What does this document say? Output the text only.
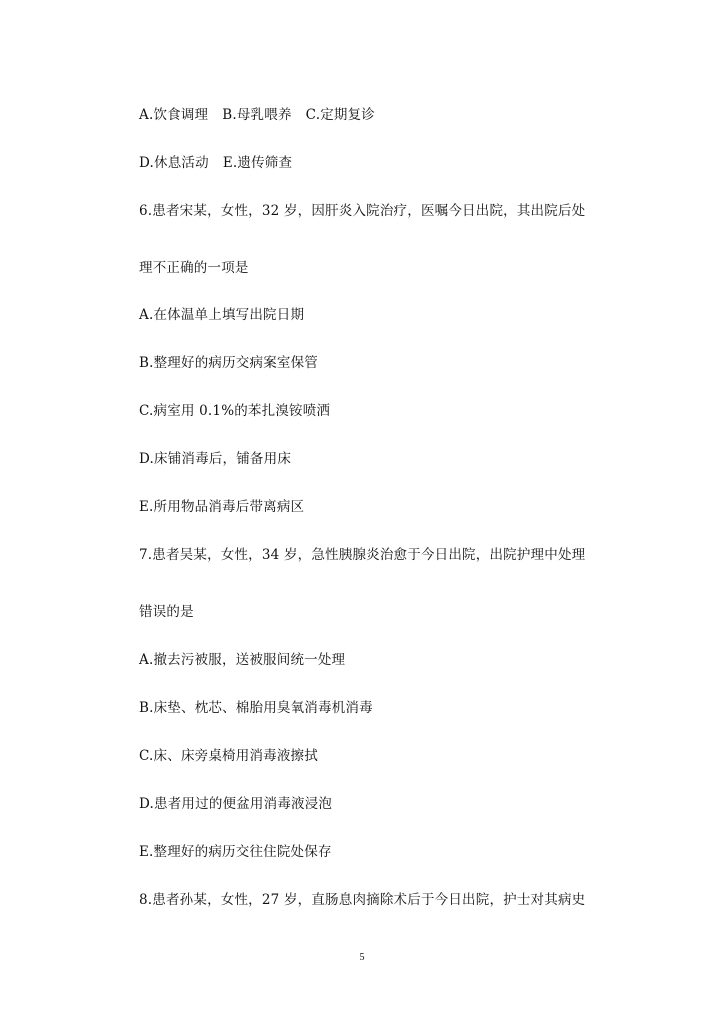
A.饮食调理 B.母乳喂养 C.定期复诊
D.休息活动 E.遗传筛查
6.患者宋某，女性，32 岁，因肝炎入院治疗，医嘱今日出院，其出院后处
理不正确的一项是
A.在体温单上填写出院日期
B.整理好的病历交病案室保管
C.病室用 0.1%的苯扎溴铵喷洒
D.床铺消毒后，铺备用床
E.所用物品消毒后带离病区
7.患者吴某，女性，34 岁，急性胰腺炎治愈于今日出院，出院护理中处理
错误的是
A.撤去污被服，送被服间统一处理
B.床垫、枕芯、棉胎用臭氧消毒机消毒
C.床、床旁桌椅用消毒液擦拭
D.患者用过的便盆用消毒液浸泡
E.整理好的病历交往住院处保存
8.患者孙某，女性，27 岁，直肠息肉摘除术后于今日出院，护士对其病史
5
